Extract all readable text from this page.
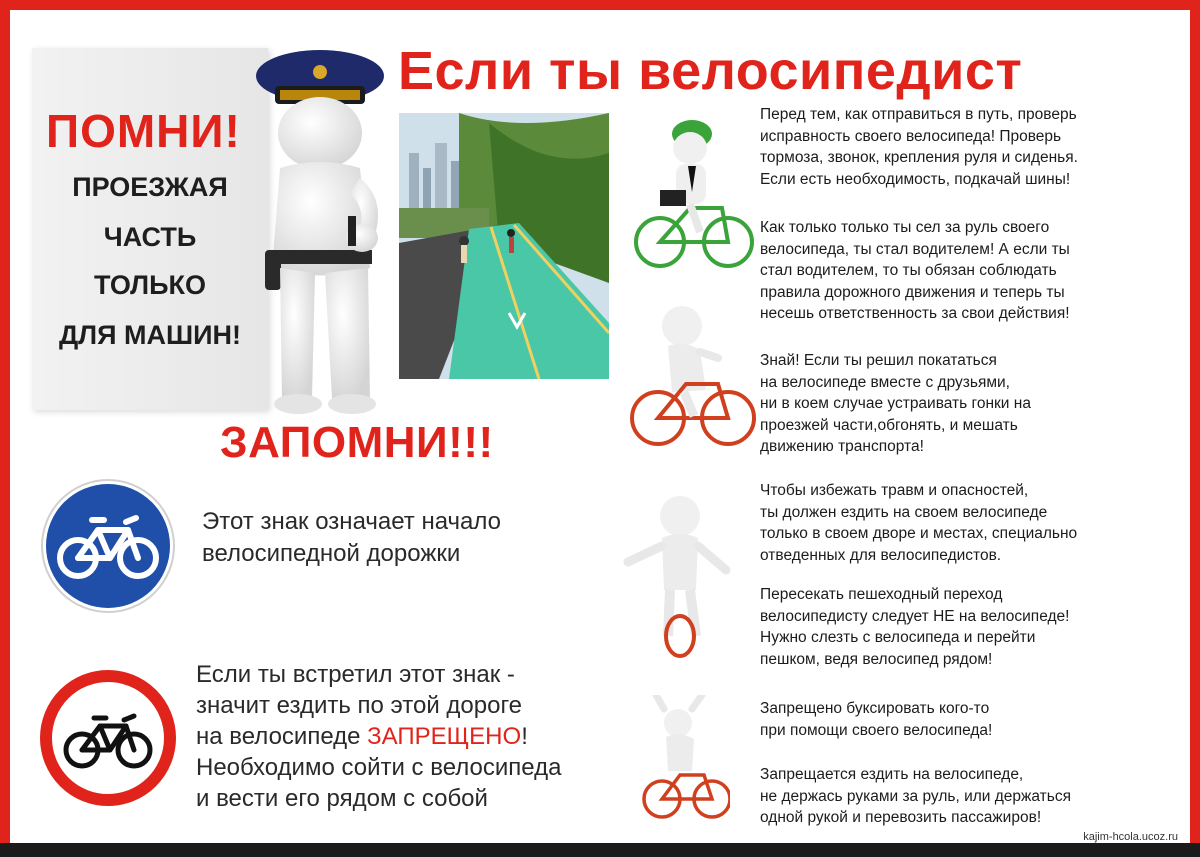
Если ты велосипедист
ПОМНИ!
ПРОЕЗЖАЯ
ЧАСТЬ
ТОЛЬКО
ДЛЯ МАШИН!
ЗАПОМНИ!!!
Этот знак означает начало
велосипедной дорожки
Если ты встретил этот знак -
значит ездить по этой дороге
на велосипеде ЗАПРЕЩЕНО!
Необходимо сойти с велосипеда
и вести его рядом с собой
Перед тем, как отправиться в путь, проверь
исправность своего велосипеда! Проверь
тормоза, звонок, крепления руля и сиденья.
Если есть необходимость, подкачай шины!
Как только только ты сел за руль своего
велосипеда, ты стал водителем! А если ты
стал водителем, то ты обязан соблюдать
правила дорожного движения и теперь ты
несешь ответственность за свои действия!
Знай! Если ты решил покататься
на велосипеде вместе с друзьями,
ни в коем случае устраивать гонки на
проезжей части,обгонять, и мешать
движению транспорта!
Чтобы избежать травм и опасностей,
ты должен ездить на своем велосипеде
только в своем дворе и местах, специально
отведенных для велосипедистов.
Пересекать пешеходный переход
велосипедисту следует НЕ на велосипеде!
Нужно слезть с велосипеда и перейти
пешком, ведя велосипед рядом!
Запрещено буксировать кого-то
при помощи своего велосипеда!
Запрещается ездить на велосипеде,
не держась руками за руль, или держаться
одной рукой и перевозить пассажиров!
kajim-hcola.ucoz.ru
